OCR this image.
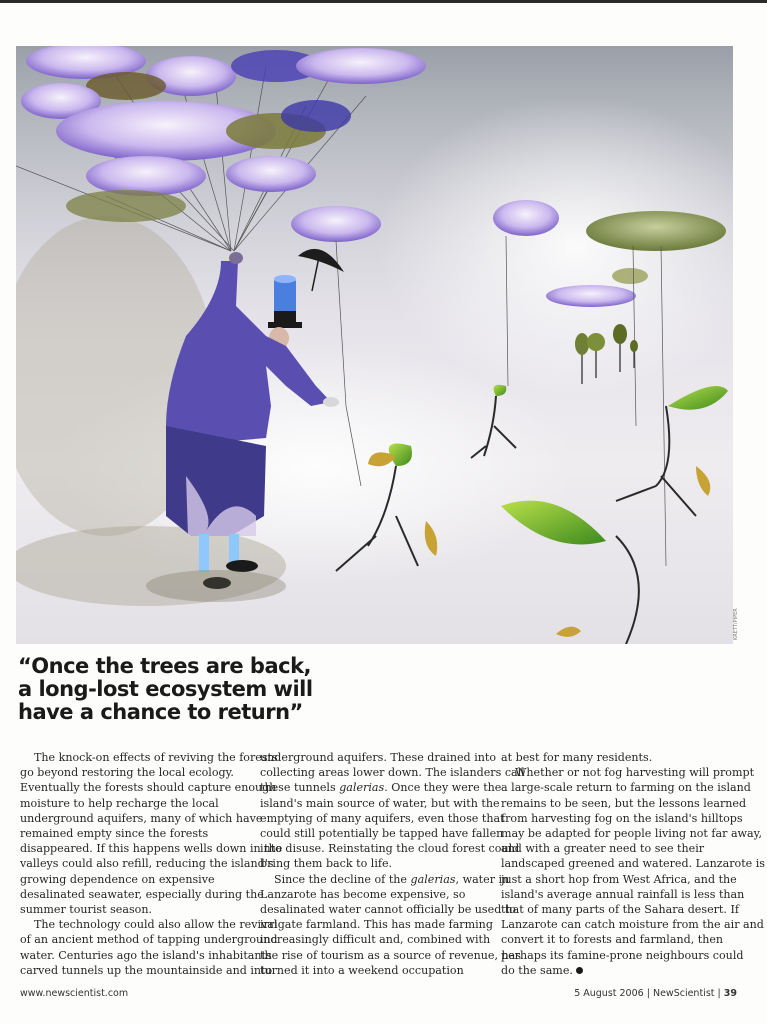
KRETT/PIPER
“Once the trees are back,
a long-lost ecosystem will
have a chance to return”
The knock-on effects of reviving the forests
go beyond restoring the local ecology.
Eventually the forests should capture enough
moisture to help recharge the local
underground aquifers, many of which have
remained empty since the forests
disappeared. If this happens wells down in the
valleys could also refill, reducing the island's
growing dependence on expensive
desalinated seawater, especially during the
summer tourist season.
The technology could also allow the revival
of an ancient method of tapping underground
water. Centuries ago the island's inhabitants
carved tunnels up the mountainside and into
underground aquifers. These drained into
collecting areas lower down. The islanders call
these tunnels galerias. Once they were the
island's main source of water, but with the
emptying of many aquifers, even those that
could still potentially be tapped have fallen
into disuse. Reinstating the cloud forest could
bring them back to life.
Since the decline of the galerias, water in
Lanzarote has become expensive, so
desalinated water cannot officially be used to
irrigate farmland. This has made farming
increasingly difficult and, combined with
the rise of tourism as a source of revenue, has
turned it into a weekend occupation
at best for many residents.
Whether or not fog harvesting will prompt
a large-scale return to farming on the island
remains to be seen, but the lessons learned
from harvesting fog on the island's hilltops
may be adapted for people living not far away,
and with a greater need to see their
landscaped greened and watered. Lanzarote is
just a short hop from West Africa, and the
island's average annual rainfall is less than
that of many parts of the Sahara desert. If
Lanzarote can catch moisture from the air and
convert it to forests and farmland, then
perhaps its famine-prone neighbours could
do the same.
www.newscientist.com	5 August 2006 | NewScientist | 39
